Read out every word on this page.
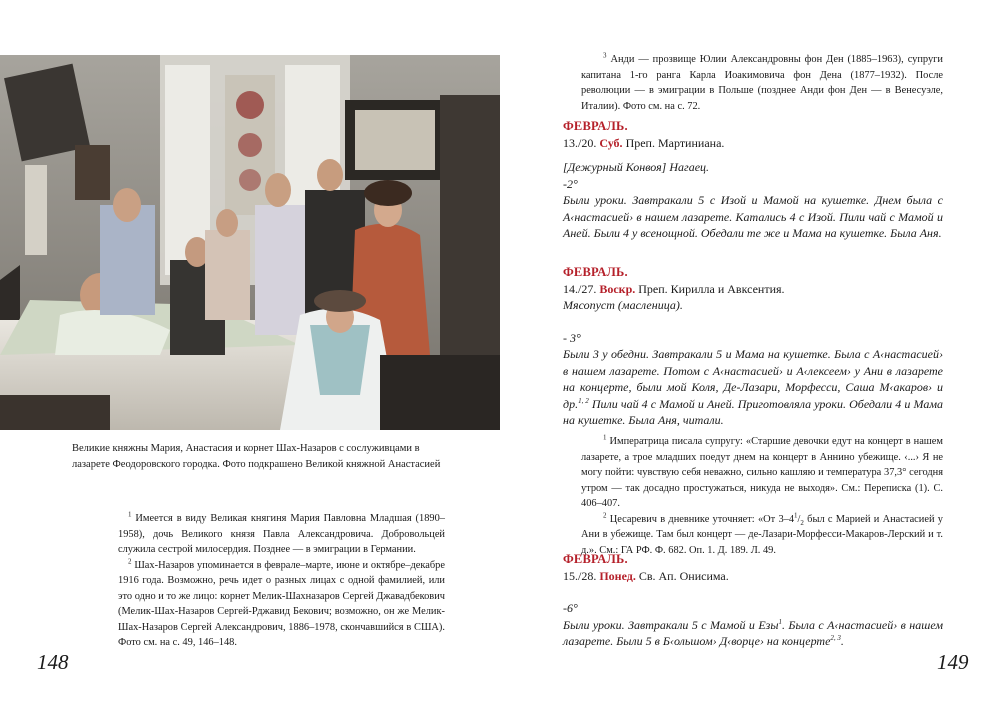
Великие княжны Мария, Анастасия и корнет Шах-Назаров с сослуживцами в лазарете Феодоровского городка. Фото подкрашено Великой княжной Анастасией

$^1$ Имеется в виду Великая княгиня Мария Павловна Младшая (1890–1958), дочь Великого князя Павла Александровича. Добровольцей служила сестрой милосердия. Позднее — в эмиграции в Германии.

$^2$ Шах-Назаров упоминается в феврале–марте, июне и октябре–декабре 1916 года. Возможно, речь идет о разных лицах с одной фамилией, или это одно и то же лицо: корнет Мелик-Шахназаров Сергей Джавадбекович (Мелик-Шах-Назаров Сергей-Рджавид Бекович; возможно, он же Мелик-Шах-Назаров Сергей Александрович, 1886–1978, скончавшийся в США). Фото см. на с. 49, 146–148.

148

$^3$ Анди — прозвище Юлии Александровны фон Ден (1885–1963), супруги капитана 1-го ранга Карла Иоакимовича фон Дена (1877–1932). После революции — в эмиграции в Польше (позднее Анди фон Ден — в Венесуэле, Италии). Фото см. на с. 72.

ФЕВРАЛЬ.

13./20. Суб. Преп. Мартиниана.

[Дежурный Конвоя] Нагаец.

-2°

Были уроки. Завтракали 5 с Изой и Мамой на кушетке. Днем была с А‹настасией› в нашем лазарете. Катались 4 с Изой. Пили чай с Мамой и Аней. Были 4 у всенощной. Обедали те же и Мама на кушетке. Была Аня.

ФЕВРАЛЬ.

14./27. Воскр. Преп. Кирилла и Авксентия.

Мясопуст (масленица).

- 3°

Были 3 у обедни. Завтракали 5 и Мама на кушетке. Была с А‹настасией› в нашем лазарете. Потом с А‹настасией› и А‹лексеем› у Ани в лазарете на концерте, были мой Коля, Де-Лазари, Морфесси, Саша М‹акаров› и др.$^{1, 2}$ Пили чай 4 с Мамой и Аней. Приготовляла уроки. Обедали 4 и Мама на кушетке. Была Аня, читали.

$^1$ Императрица писала супругу: «Старшие девочки едут на концерт в нашем лазарете, а трое младших поедут днем на концерт в Аннино убежище. ‹...› Я не могу пойти: чувствую себя неважно, сильно кашляю и температура 37,3° сегодня утром — так досадно простужаться, никуда не выходя». См.: Переписка (1). С. 406–407.

$^2$ Цесаревич в дневнике уточняет: «От $3-4^1/_2$ был с Марией и Анастасией у Ани в убежище. Там был концерт — де-Лазари-Морфесси-Макаров-Лерский и т. д.». См.: ГА РФ. Ф. 682. Оп. 1. Д. 189. Л. 49.

ФЕВРАЛЬ.

15./28. Понед. Св. Ап. Онисима.

-6°

Были уроки. Завтракали 5 с Мамой и Езы$^1$. Была с А‹настасией› в нашем лазарете. Были 5 в Б‹ольшом› Д‹ворце› на концерте$^{2, 3}$.

149
